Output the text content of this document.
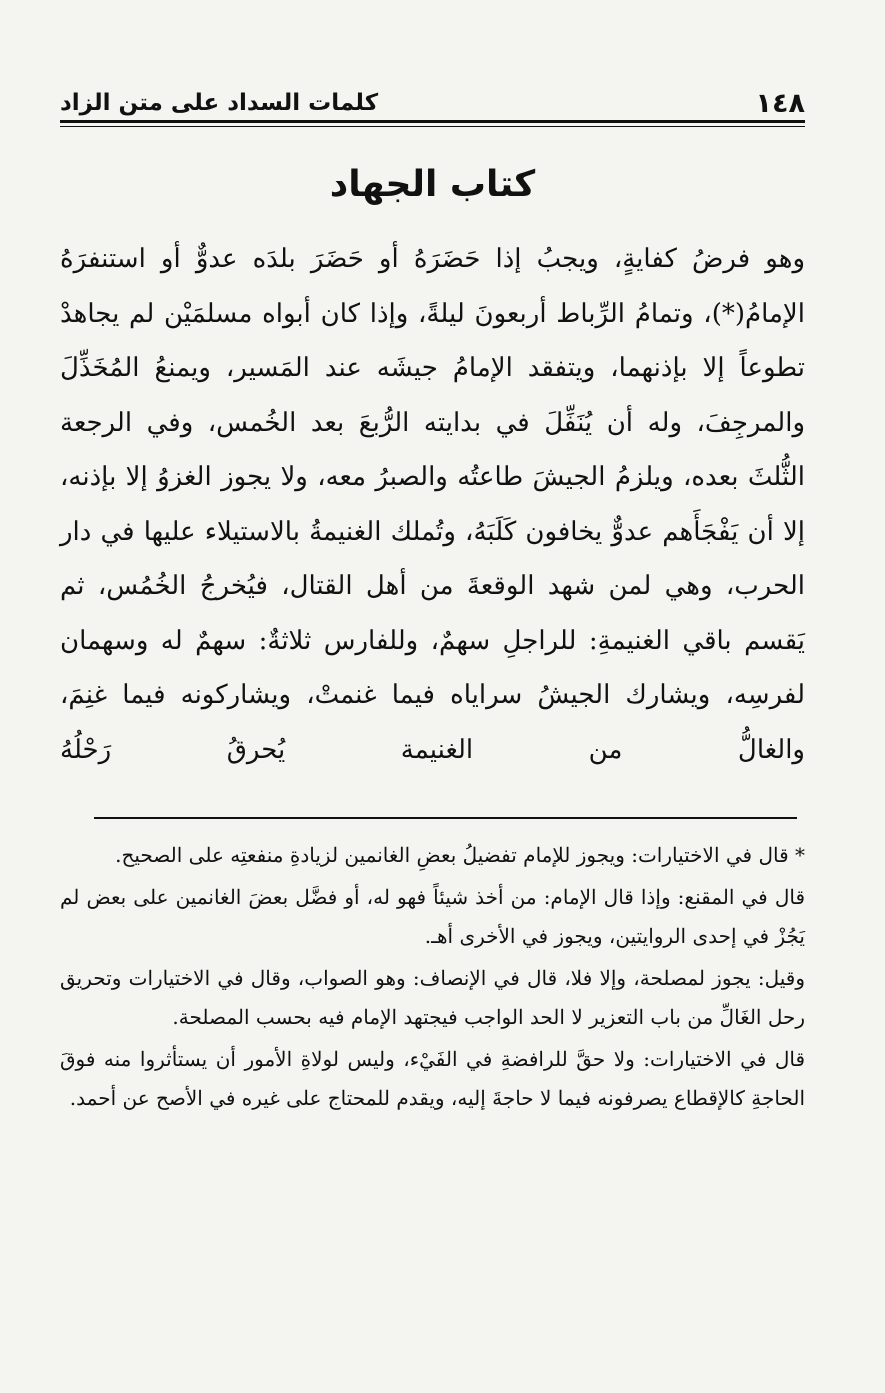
١٤٨
كلمات السداد على متن الزاد
كتاب الجهاد

وهو فرضُ كفايةٍ، ويجبُ إذا حَضَرَهُ أو حَضَرَ بلدَه عدوٌّ أو استنفرَهُ الإمامُ(*)، وتمامُ الرِّباط أربعونَ ليلةً، وإذا كان أبواه مسلمَيْن لم يجاهدْ تطوعاً إلا بإذنهما، ويتفقد الإمامُ جيشَه عند المَسير، ويمنعُ المُخَذِّلَ والمرجِفَ، وله أن يُنَفِّلَ في بدايته الرُّبعَ بعد الخُمس، وفي الرجعة الثُّلثَ بعده، ويلزمُ الجيشَ طاعتُه والصبرُ معه، ولا يجوز الغزوُ إلا بإذنه، إلا أن يَفْجَأَهم عدوٌّ يخافون كَلَبَهُ، وتُملك الغنيمةُ بالاستيلاء عليها في دار الحرب، وهي لمن شهد الوقعةَ من أهل القتال، فيُخرجُ الخُمُس، ثم يَقسم باقي الغنيمةِ: للراجلِ سهمٌ، وللفارس ثلاثةٌ: سهمٌ له وسهمان لفرسِه، ويشارك الجيشُ سراياه فيما غنمتْ، ويشاركونه فيما غنِمَ، والغالُّ من الغنيمة يُحرقُ رَحْلُهُ

* قال في الاختيارات: ويجوز للإمام تفضيلُ بعضِ الغانمين لزيادةِ منفعتِه على الصحيح.

قال في المقنع: وإذا قال الإمام: من أخذ شيئاً فهو له، أو فضَّل بعضَ الغانمين على بعض لم يَجُزْ في إحدى الروايتين، ويجوز في الأخرى أهـ.

وقيل: يجوز لمصلحة، وإلا فلا، قال في الإنصاف: وهو الصواب، وقال في الاختيارات وتحريق رحل الغَالِّ من باب التعزير لا الحد الواجب فيجتهد الإمام فيه بحسب المصلحة.

قال في الاختيارات: ولا حقَّ للرافضةِ في الفَيْء، وليس لولاةِ الأمور أن يستأثروا منه فوقَ الحاجةِ كالإقطاع يصرفونه فيما لا حاجةَ إليه، ويقدم للمحتاج على غيره في الأصح عن أحمد.
